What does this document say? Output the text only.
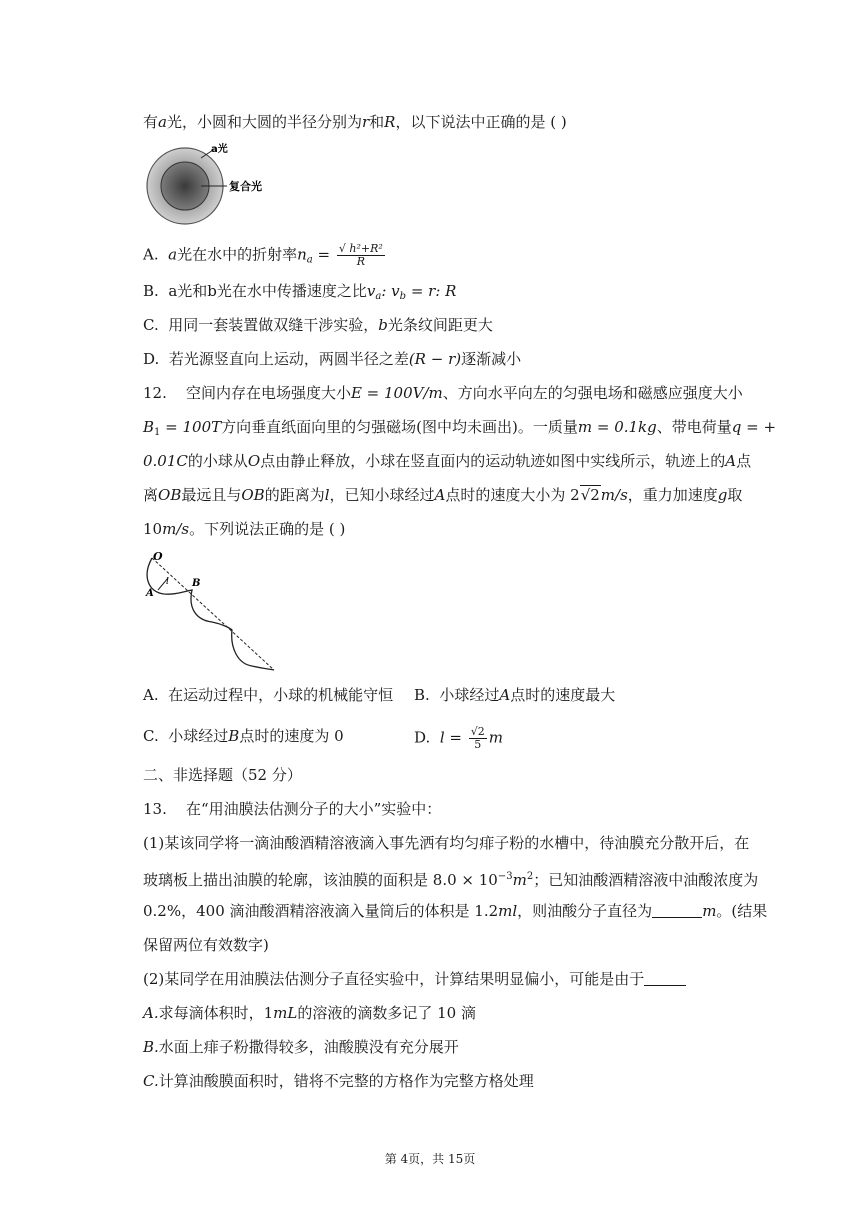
有a光，小圆和大圆的半径分别为r和R，以下说法中正确的是 ( )
a光
复合光
A. a光在水中的折射率$n_a = \frac{\text{√ h²+R²}}{R}$
B. a光和b光在水中传播速度之比$v_a$: $v_b = r$: R
C. 用同一套装置做双缝干涉实验，b光条纹间距更大
D. 若光源竖直向上运动，两圆半径之差(R − r)逐渐减小
12. 空间内存在电场强度大小E = 100V/m、方向水平向左的匀强电场和磁感应强度大小
$B_1 = 100T$方向垂直纸面向里的匀强磁场(图中均未画出)。一质量m = 0.1kg、带电荷量q = +
0.01C的小球从O点由静止释放，小球在竖直面内的运动轨迹如图中实线所示，轨迹上的A点
离OB最远且与OB的距离为l，已知小球经过A点时的速度大小为 2√2m/s，重力加速度g取
10m/s。下列说法正确的是 ( )
O
A
B
l
A. 在运动过程中，小球的机械能守恒 B. 小球经过A点时的速度最大
C. 小球经过B点时的速度为 0	D. $l = \frac{√2}{5}$ m
二、非选择题（52 分）
13. 在“用油膜法估测分子的大小”实验中：
(1)某该同学将一滴油酸酒精溶液滴入事先洒有均匀痱子粉的水槽中，待油膜充分散开后，在
玻璃板上描出油膜的轮廓，该油膜的面积是 $8.0 \times 10^{-3}m^2$；已知油酸酒精溶液中油酸浓度为
0.2%，400 滴油酸酒精溶液滴入量筒后的体积是 1.2ml，则油酸分子直径为	m。(结果
保留两位有效数字)
(2)某同学在用油膜法估测分子直径实验中，计算结果明显偏小，可能是由于
A.求每滴体积时，1mL的溶液的滴数多记了 10 滴
B.水面上痱子粉撒得较多，油酸膜没有充分展开
C.计算油酸膜面积时，错将不完整的方格作为完整方格处理
第 4页，共 15页
